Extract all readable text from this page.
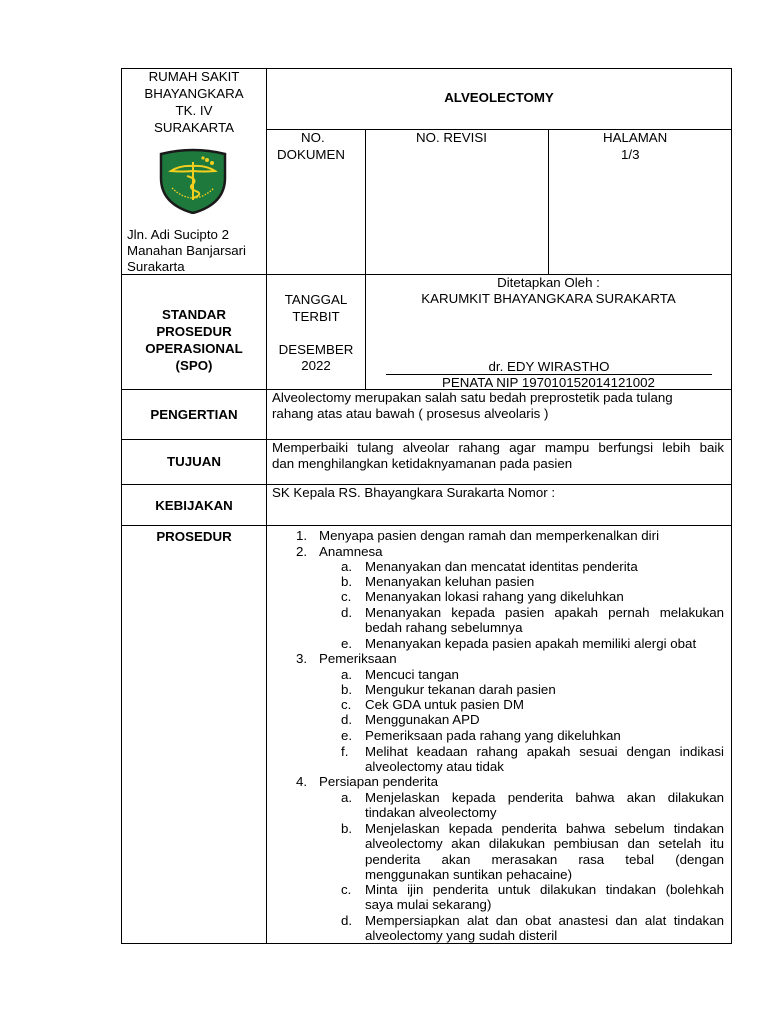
RUMAH SAKIT
BHAYANGKARA
TK. IV
SURAKARTA
Jln. Adi Sucipto 2
Manahan Banjarsari
Surakarta
ALVEOLECTOMY
NO.
DOKUMEN
NO. REVISI	HALAMAN
1/3
STANDAR
PROSEDUR
OPERASIONAL
(SPO)
TANGGAL
TERBIT
DESEMBER
2022
Ditetapkan Oleh :
KARUMKIT BHAYANGKARA SURAKARTA
dr. EDY WIRASTHO
PENATA NIP 197010152014121002
PENGERTIAN
Alveolectomy merupakan salah satu bedah preprostetik pada tulang
rahang atas atau bawah ( prosesus alveolaris )
TUJUAN
Memperbaiki tulang alveolar rahang agar mampu berfungsi lebih baik
dan menghilangkan ketidaknyamanan pada pasien
KEBIJAKAN
SK Kepala RS. Bhayangkara Surakarta Nomor :
PROSEDUR	1. Menyapa pasien dengan ramah dan memperkenalkan diri
2. Anamnesa
a. Menanyakan dan mencatat identitas penderita
b. Menanyakan keluhan pasien
c. Menanyakan lokasi rahang yang dikeluhkan
d. Menanyakan kepada pasien apakah pernah melakukan
bedah rahang sebelumnya
e. Menanyakan kepada pasien apakah memiliki alergi obat
3. Pemeriksaan
a. Mencuci tangan
b. Mengukur tekanan darah pasien
c. Cek GDA untuk pasien DM
d. Menggunakan APD
e. Pemeriksaan pada rahang yang dikeluhkan
f. Melihat keadaan rahang apakah sesuai dengan indikasi
alveolectomy atau tidak
4. Persiapan penderita
a. Menjelaskan kepada penderita bahwa akan dilakukan
tindakan alveolectomy
b. Menjelaskan kepada penderita bahwa sebelum tindakan
alveolectomy akan dilakukan pembiusan dan setelah itu
penderita akan merasakan rasa tebal (dengan
menggunakan suntikan pehacaine)
c. Minta ijin penderita untuk dilakukan tindakan (bolehkah
saya mulai sekarang)
d. Mempersiapkan alat dan obat anastesi dan alat tindakan
alveolectomy yang sudah disteril
